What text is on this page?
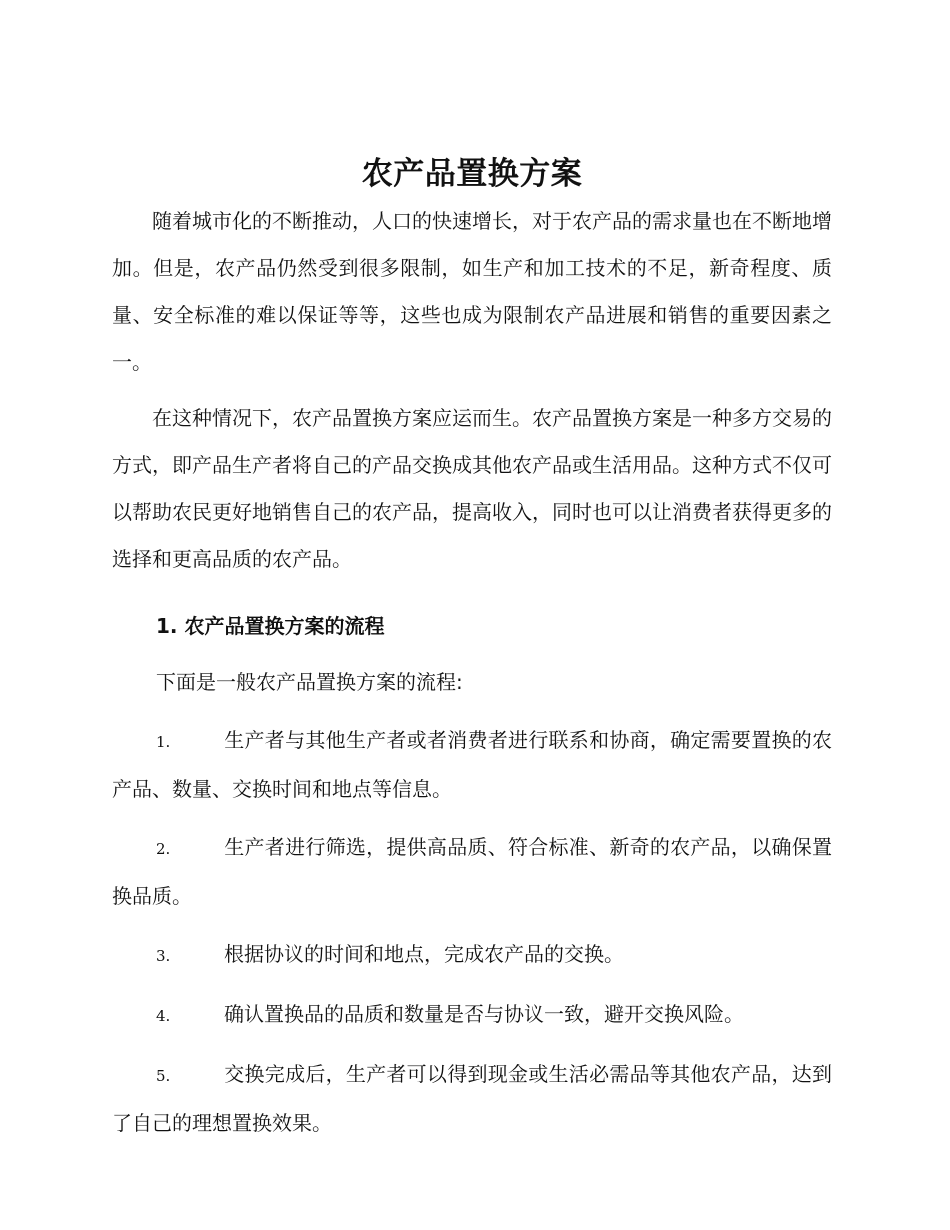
农产品置换方案

随着城市化的不断推动，人口的快速增长，对于农产品的需求量也在不断地增加。但是，农产品仍然受到很多限制，如生产和加工技术的不足，新奇程度、质量、安全标准的难以保证等等，这些也成为限制农产品进展和销售的重要因素之一。

在这种情况下，农产品置换方案应运而生。农产品置换方案是一种多方交易的方式，即产品生产者将自己的产品交换成其他农产品或生活用品。这种方式不仅可以帮助农民更好地销售自己的农产品，提高收入，同时也可以让消费者获得更多的选择和更高品质的农产品。

1. 农产品置换方案的流程
下面是一般农产品置换方案的流程:

1.	生产者与其他生产者或者消费者进行联系和协商，确定需要置换的农产品、数量、交换时间和地点等信息。

2.	生产者进行筛选，提供高品质、符合标准、新奇的农产品，以确保置换品质。

3.	根据协议的时间和地点，完成农产品的交换。

4.	确认置换品的品质和数量是否与协议一致，避开交换风险。

5.	交换完成后，生产者可以得到现金或生活必需品等其他农产品，达到了自己的理想置换效果。
